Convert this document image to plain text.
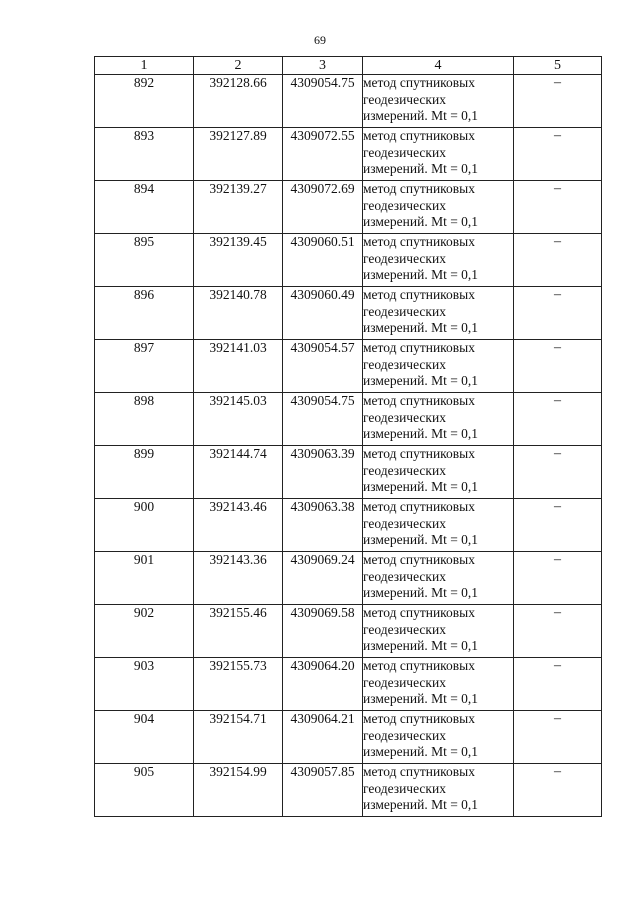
69
1	2	3	4	5
892	392128.66	4309054.75	метод спутниковых
геодезических
измерений. Mt = 0,1	–
893	392127.89	4309072.55	метод спутниковых
геодезических
измерений. Mt = 0,1	–
894	392139.27	4309072.69	метод спутниковых
геодезических
измерений. Mt = 0,1	–
895	392139.45	4309060.51	метод спутниковых
геодезических
измерений. Mt = 0,1	–
896	392140.78	4309060.49	метод спутниковых
геодезических
измерений. Mt = 0,1	–
897	392141.03	4309054.57	метод спутниковых
геодезических
измерений. Mt = 0,1	–
898	392145.03	4309054.75	метод спутниковых
геодезических
измерений. Mt = 0,1	–
899	392144.74	4309063.39	метод спутниковых
геодезических
измерений. Mt = 0,1	–
900	392143.46	4309063.38	метод спутниковых
геодезических
измерений. Mt = 0,1	–
901	392143.36	4309069.24	метод спутниковых
геодезических
измерений. Mt = 0,1	–
902	392155.46	4309069.58	метод спутниковых
геодезических
измерений. Mt = 0,1	–
903	392155.73	4309064.20	метод спутниковых
геодезических
измерений. Mt = 0,1	–
904	392154.71	4309064.21	метод спутниковых
геодезических
измерений. Mt = 0,1	–
905	392154.99	4309057.85	метод спутниковых
геодезических
измерений. Mt = 0,1	–
